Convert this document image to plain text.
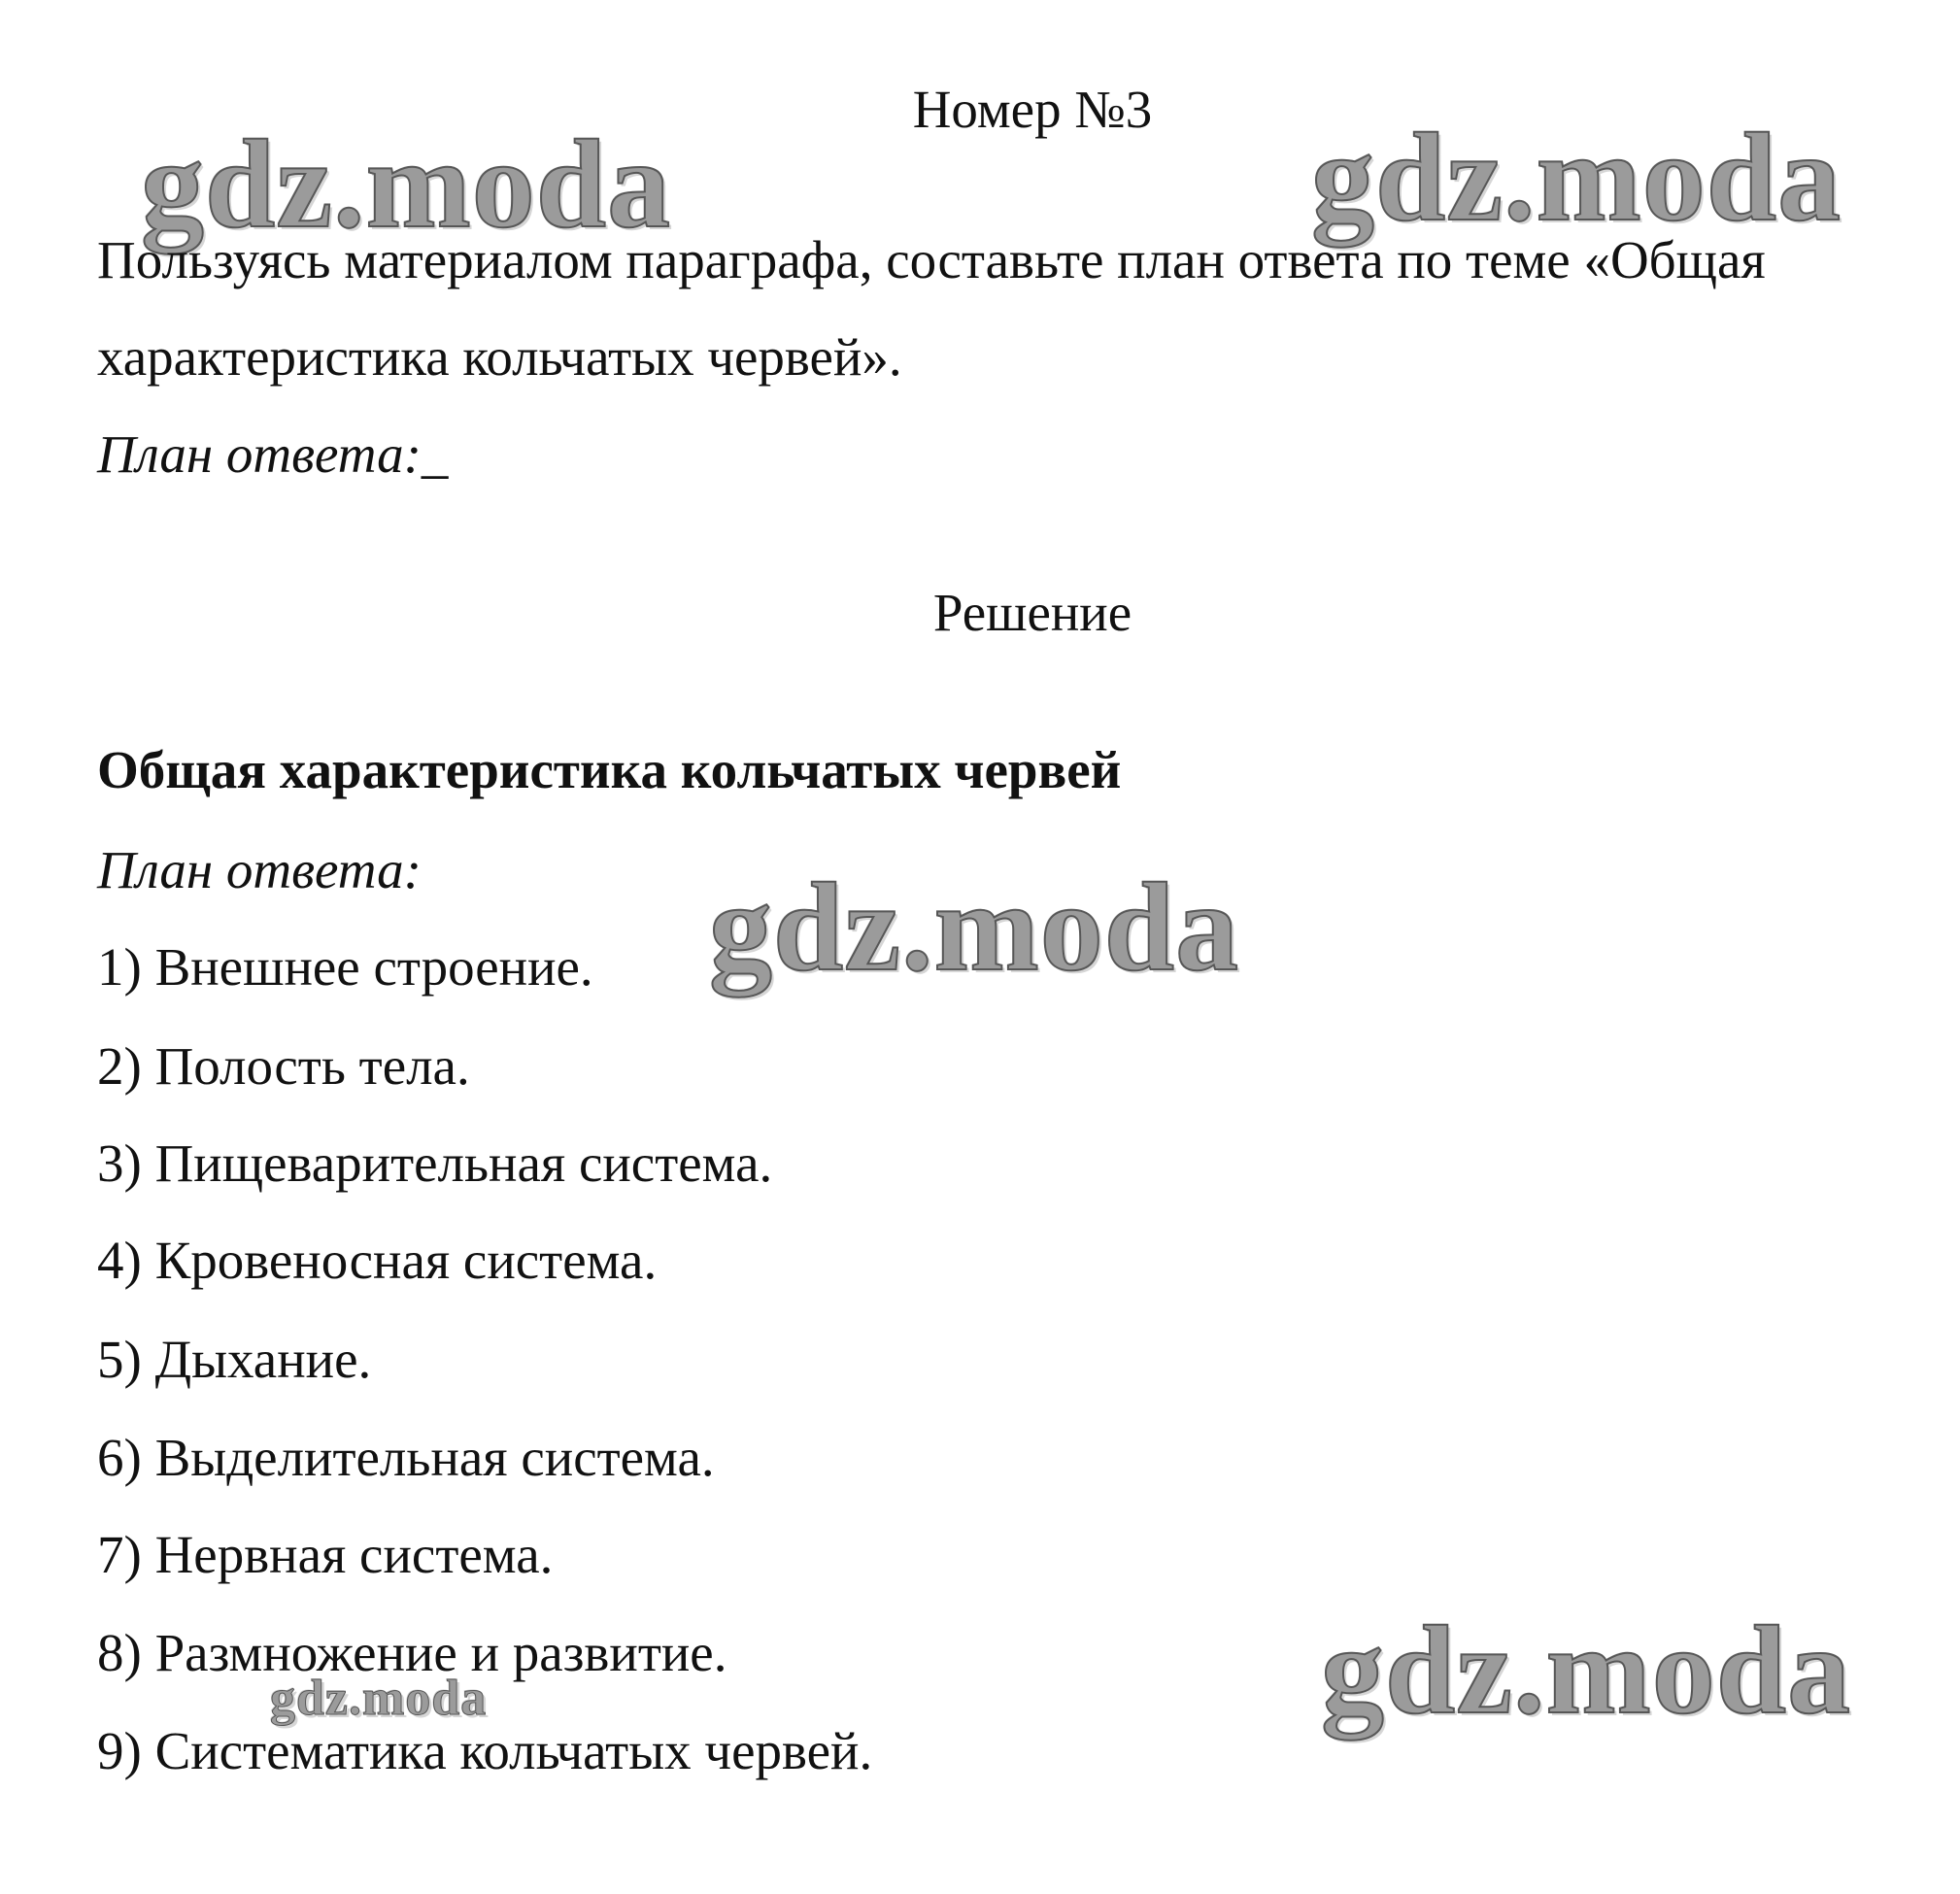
gdz.moda	gdz.moda
gdz.moda
gdz.moda
gdz.moda
Номер №3
Пользуясь материалом параграфа, составьте план ответа по теме «Общая
характеристика кольчатых червей».
План ответа:_
Решение
Общая характеристика кольчатых червей
План ответа:
1) Внешнее строение.
2) Полость тела.
3) Пищеварительная система.
4) Кровеносная система.
5) Дыхание.
6) Выделительная система.
7) Нервная система.
8) Размножение и развитие.
9) Систематика кольчатых червей.
